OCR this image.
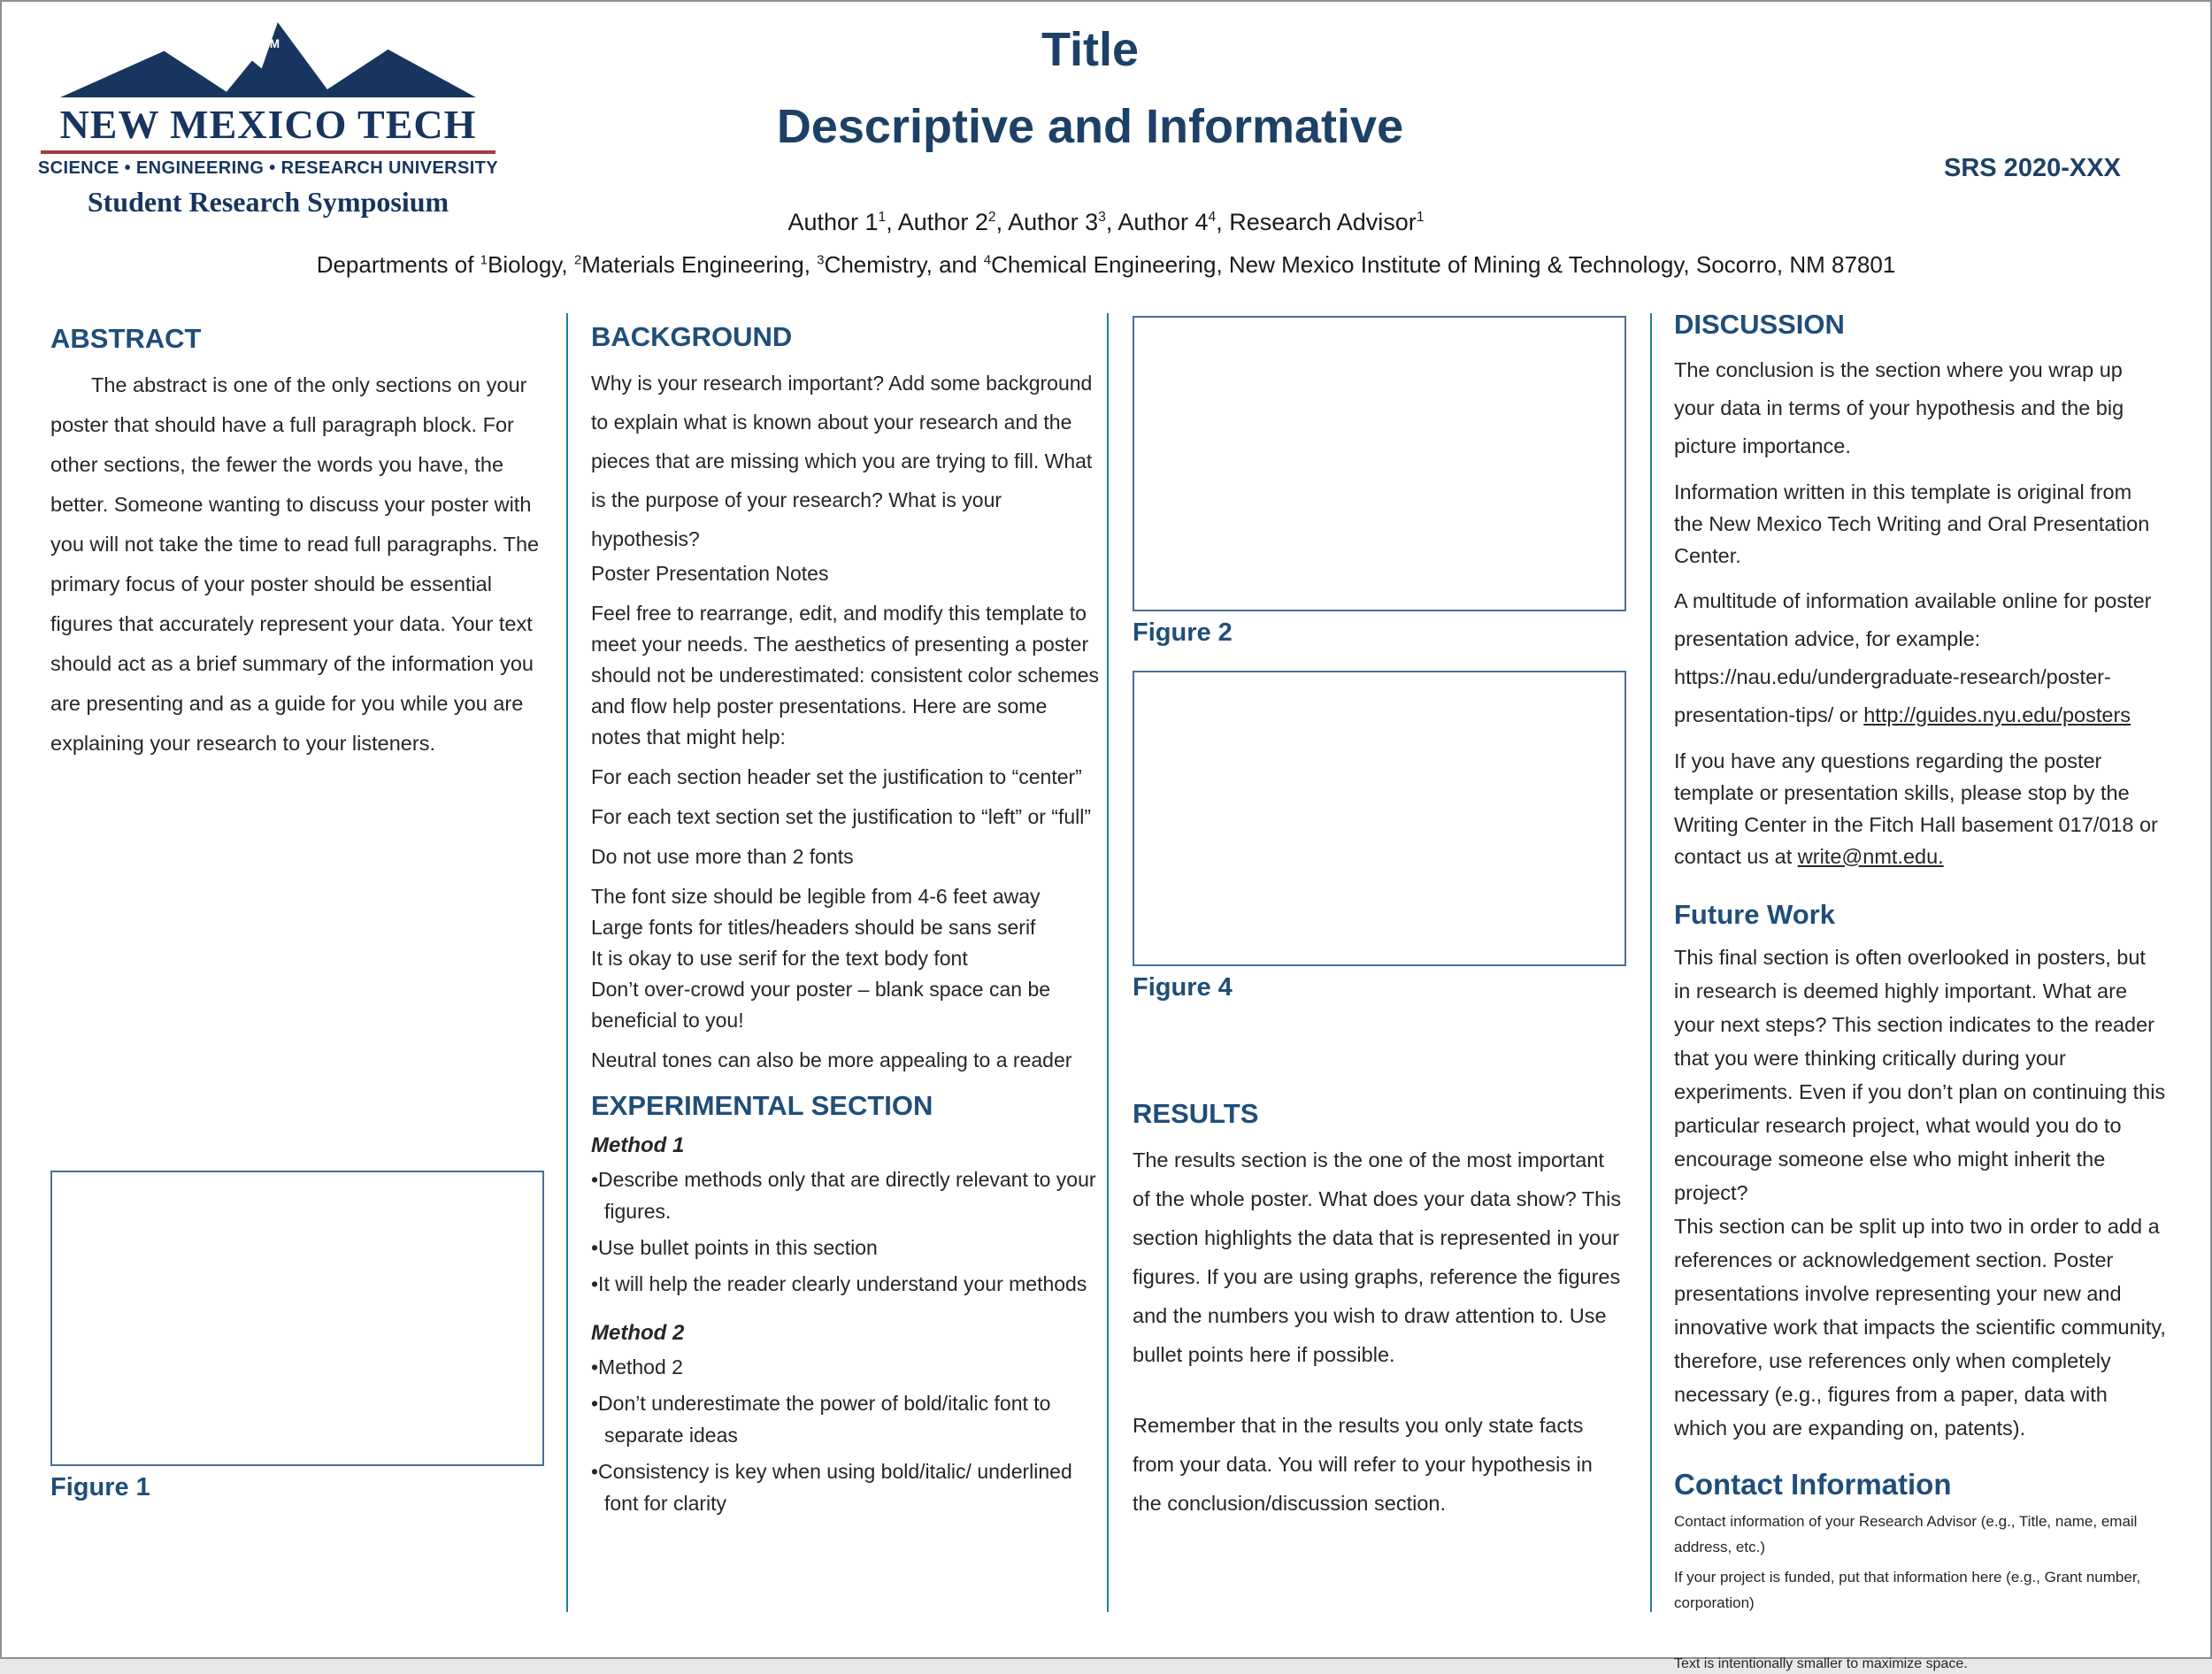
M
NEW MEXICO TECH
SCIENCE • ENGINEERING • RESEARCH UNIVERSITY
Student Research Symposium
Title
Descriptive and Informative
SRS 2020-XXX
Author $1^1$, Author $2^2$, Author $3^3$, Author $4^4$, Research Advisor$^1$
Departments of $^1$Biology, $^2$Materials Engineering, $^3$Chemistry, and $^4$Chemical Engineering, New Mexico Institute of Mining & Technology, Socorro, NM 87801
ABSTRACT

The abstract is one of the only sections on your poster that should have a full paragraph block. For other sections, the fewer the words you have, the better. Someone wanting to discuss your poster with you will not take the time to read full paragraphs. The primary focus of your poster should be essential figures that accurately represent your data. Your text should act as a brief summary of the information you are presenting and as a guide for you while you are explaining your research to your listeners.

Figure 1
BACKGROUND

Why is your research important? Add some background to explain what is known about your research and the pieces that are missing which you are trying to fill. What is the purpose of your research? What is your hypothesis?

Poster Presentation Notes

Feel free to rearrange, edit, and modify this template to meet your needs. The aesthetics of presenting a poster should not be underestimated: consistent color schemes and flow help poster presentations. Here are some notes that might help:

For each section header set the justification to “center”

For each text section set the justification to “left” or “full”

Do not use more than 2 fonts

The font size should be legible from 4-6 feet away

Large fonts for titles/headers should be sans serif

It is okay to use serif for the text body font

Don’t over-crowd your poster – blank space can be beneficial to you!

Neutral tones can also be more appealing to a reader

EXPERIMENTAL SECTION

Method 1

•Describe methods only that are directly relevant to your figures.

•Use bullet points in this section

•It will help the reader clearly understand your methods

Method 2

•Method 2

•Don’t underestimate the power of bold/italic font to separate ideas

•Consistency is key when using bold/italic/ underlined font for clarity

Figure 2
Figure 4
RESULTS

The results section is the one of the most important of the whole poster. What does your data show? This section highlights the data that is represented in your figures. If you are using graphs, reference the figures and the numbers you wish to draw attention to. Use bullet points here if possible.

Remember that in the results you only state facts from your data. You will refer to your hypothesis in the conclusion/discussion section.

DISCUSSION

The conclusion is the section where you wrap up your data in terms of your hypothesis and the big picture importance.

Information written in this template is original from the New Mexico Tech Writing and Oral Presentation Center.

A multitude of information available online for poster presentation advice, for example: https://nau.edu/undergraduate-research/poster-presentation-tips/ or http://guides.nyu.edu/posters

If you have any questions regarding the poster template or presentation skills, please stop by the Writing Center in the Fitch Hall basement 017/018 or contact us at write@nmt.edu.

Future Work

This final section is often overlooked in posters, but in research is deemed highly important. What are your next steps? This section indicates to the reader that you were thinking critically during your experiments. Even if you don’t plan on continuing this particular research project, what would you do to encourage someone else who might inherit the project?

This section can be split up into two in order to add a references or acknowledgement section. Poster presentations involve representing your new and innovative work that impacts the scientific community, therefore, use references only when completely necessary (e.g., figures from a paper, data with which you are expanding on, patents).

Contact Information

Contact information of your Research Advisor (e.g., Title, name, email address, etc.)

If your project is funded, put that information here (e.g., Grant number, corporation)

Text is intentionally smaller to maximize space.
